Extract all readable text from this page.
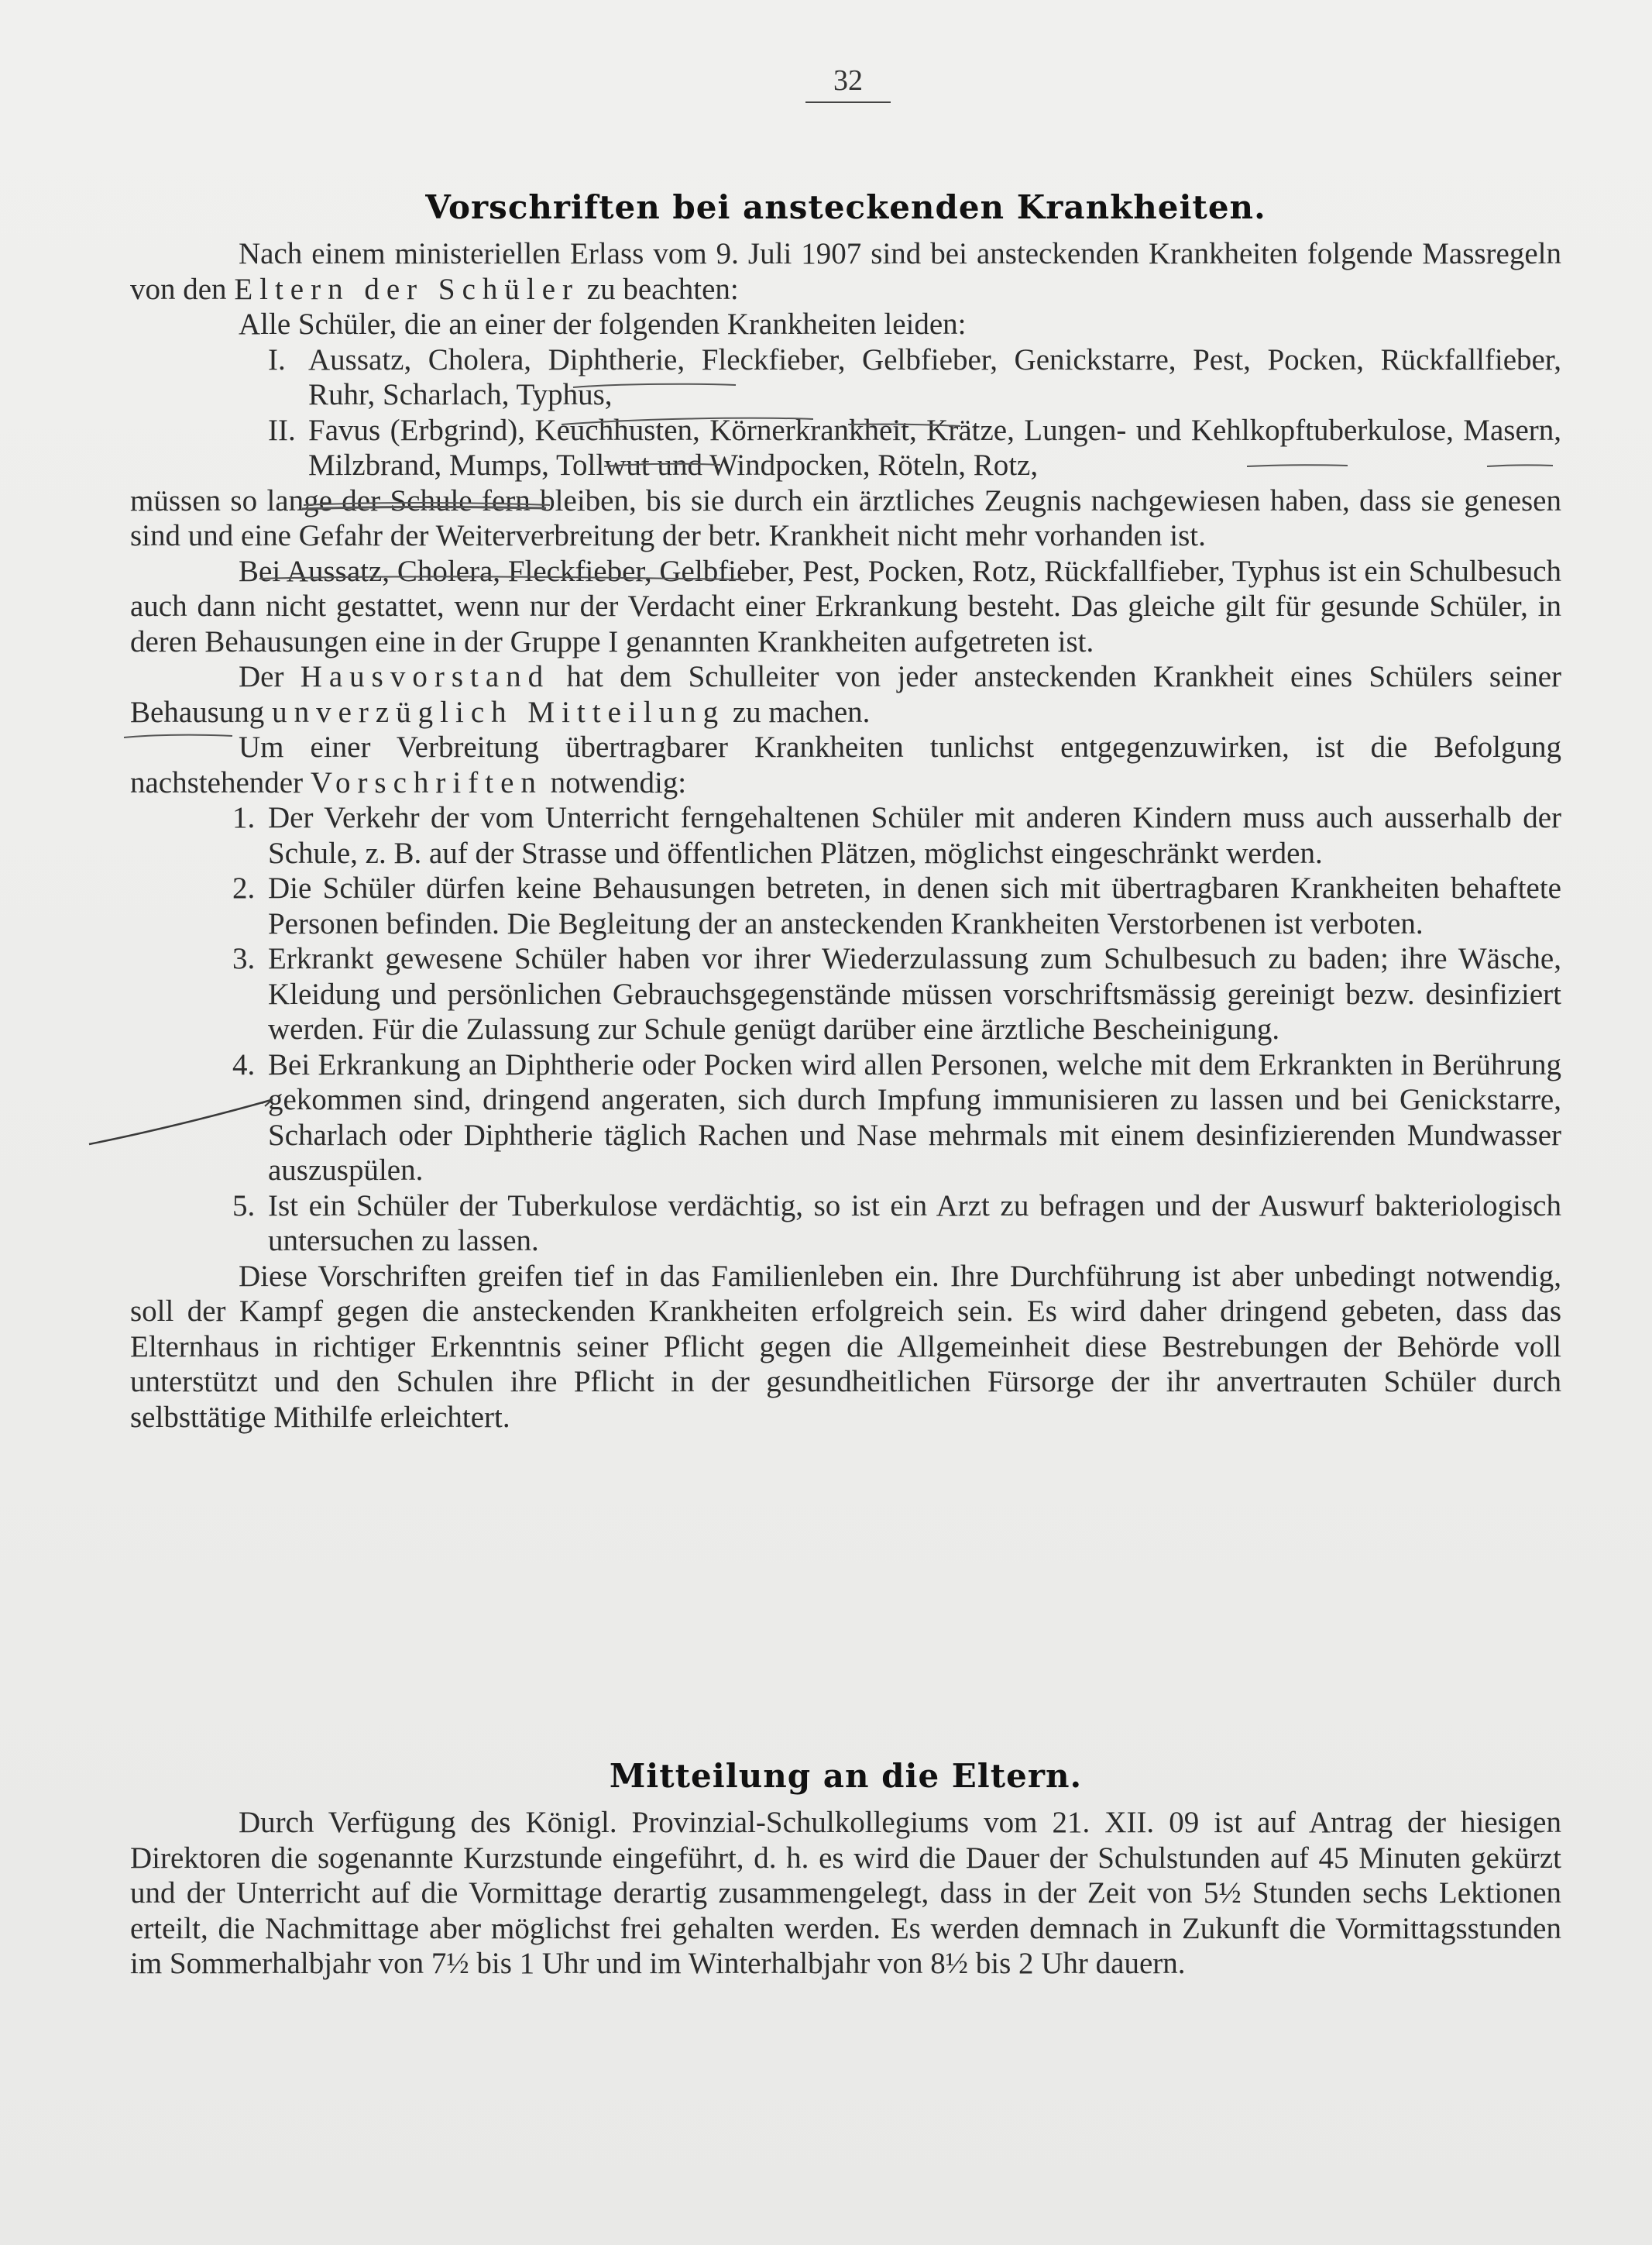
32
Vorschriften bei ansteckenden Krankheiten.

Nach einem ministeriellen Erlass vom 9. Juli 1907 sind bei ansteckenden Krankheiten folgende Massregeln von den Eltern der Schüler zu beachten:

Alle Schüler, die an einer der folgenden Krankheiten leiden:

I. Aussatz, Cholera, Diphtherie, Fleckfieber, Gelbfieber, Genickstarre, Pest, Pocken, Rückfallfieber, Ruhr, Scharlach, Typhus,

II. Favus (Erbgrind), Keuchhusten, Körnerkrankheit, Krätze, Lungen- und Kehlkopftuberkulose, Masern, Milzbrand, Mumps, Tollwut und Windpocken, Röteln, Rotz,

müssen so lange der Schule fern bleiben, bis sie durch ein ärztliches Zeugnis nachgewiesen haben, dass sie genesen sind und eine Gefahr der Weiterverbreitung der betr. Krankheit nicht mehr vorhanden ist.

Bei Aussatz, Cholera, Fleckfieber, Gelbfieber, Pest, Pocken, Rotz, Rückfallfieber, Typhus ist ein Schulbesuch auch dann nicht gestattet, wenn nur der Verdacht einer Erkrankung besteht. Das gleiche gilt für gesunde Schüler, in deren Behausungen eine in der Gruppe I genannten Krankheiten aufgetreten ist.

Der Hausvorstand hat dem Schulleiter von jeder ansteckenden Krankheit eines Schülers seiner Behausung unverzüglich Mitteilung zu machen.

Um einer Verbreitung übertragbarer Krankheiten tunlichst entgegenzuwirken, ist die Befolgung nachstehender Vorschriften notwendig:

1. Der Verkehr der vom Unterricht ferngehaltenen Schüler mit anderen Kindern muss auch ausserhalb der Schule, z. B. auf der Strasse und öffentlichen Plätzen, möglichst eingeschränkt werden.

2. Die Schüler dürfen keine Behausungen betreten, in denen sich mit übertragbaren Krankheiten behaftete Personen befinden. Die Begleitung der an ansteckenden Krankheiten Verstorbenen ist verboten.

3. Erkrankt gewesene Schüler haben vor ihrer Wiederzulassung zum Schulbesuch zu baden; ihre Wäsche, Kleidung und persönlichen Gebrauchsgegenstände müssen vorschriftsmässig gereinigt bezw. desinfiziert werden. Für die Zulassung zur Schule genügt darüber eine ärztliche Bescheinigung.

4. Bei Erkrankung an Diphtherie oder Pocken wird allen Personen, welche mit dem Erkrankten in Berührung gekommen sind, dringend angeraten, sich durch Impfung immunisieren zu lassen und bei Genickstarre, Scharlach oder Diphtherie täglich Rachen und Nase mehrmals mit einem desinfizierenden Mundwasser auszuspülen.

5. Ist ein Schüler der Tuberkulose verdächtig, so ist ein Arzt zu befragen und der Auswurf bakteriologisch untersuchen zu lassen.

Diese Vorschriften greifen tief in das Familienleben ein. Ihre Durchführung ist aber unbedingt notwendig, soll der Kampf gegen die ansteckenden Krankheiten erfolgreich sein. Es wird daher dringend gebeten, dass das Elternhaus in richtiger Erkenntnis seiner Pflicht gegen die Allgemeinheit diese Bestrebungen der Behörde voll unterstützt und den Schulen ihre Pflicht in der gesundheitlichen Fürsorge der ihr anvertrauten Schüler durch selbsttätige Mithilfe erleichtert.

Mitteilung an die Eltern.

Durch Verfügung des Königl. Provinzial-Schulkollegiums vom 21. XII. 09 ist auf Antrag der hiesigen Direktoren die sogenannte Kurzstunde eingeführt, d. h. es wird die Dauer der Schulstunden auf 45 Minuten gekürzt und der Unterricht auf die Vormittage derartig zusammengelegt, dass in der Zeit von 5½ Stunden sechs Lektionen erteilt, die Nachmittage aber möglichst frei gehalten werden. Es werden demnach in Zukunft die Vormittagsstunden im Sommerhalbjahr von 7½ bis 1 Uhr und im Winterhalbjahr von 8½ bis 2 Uhr dauern.
